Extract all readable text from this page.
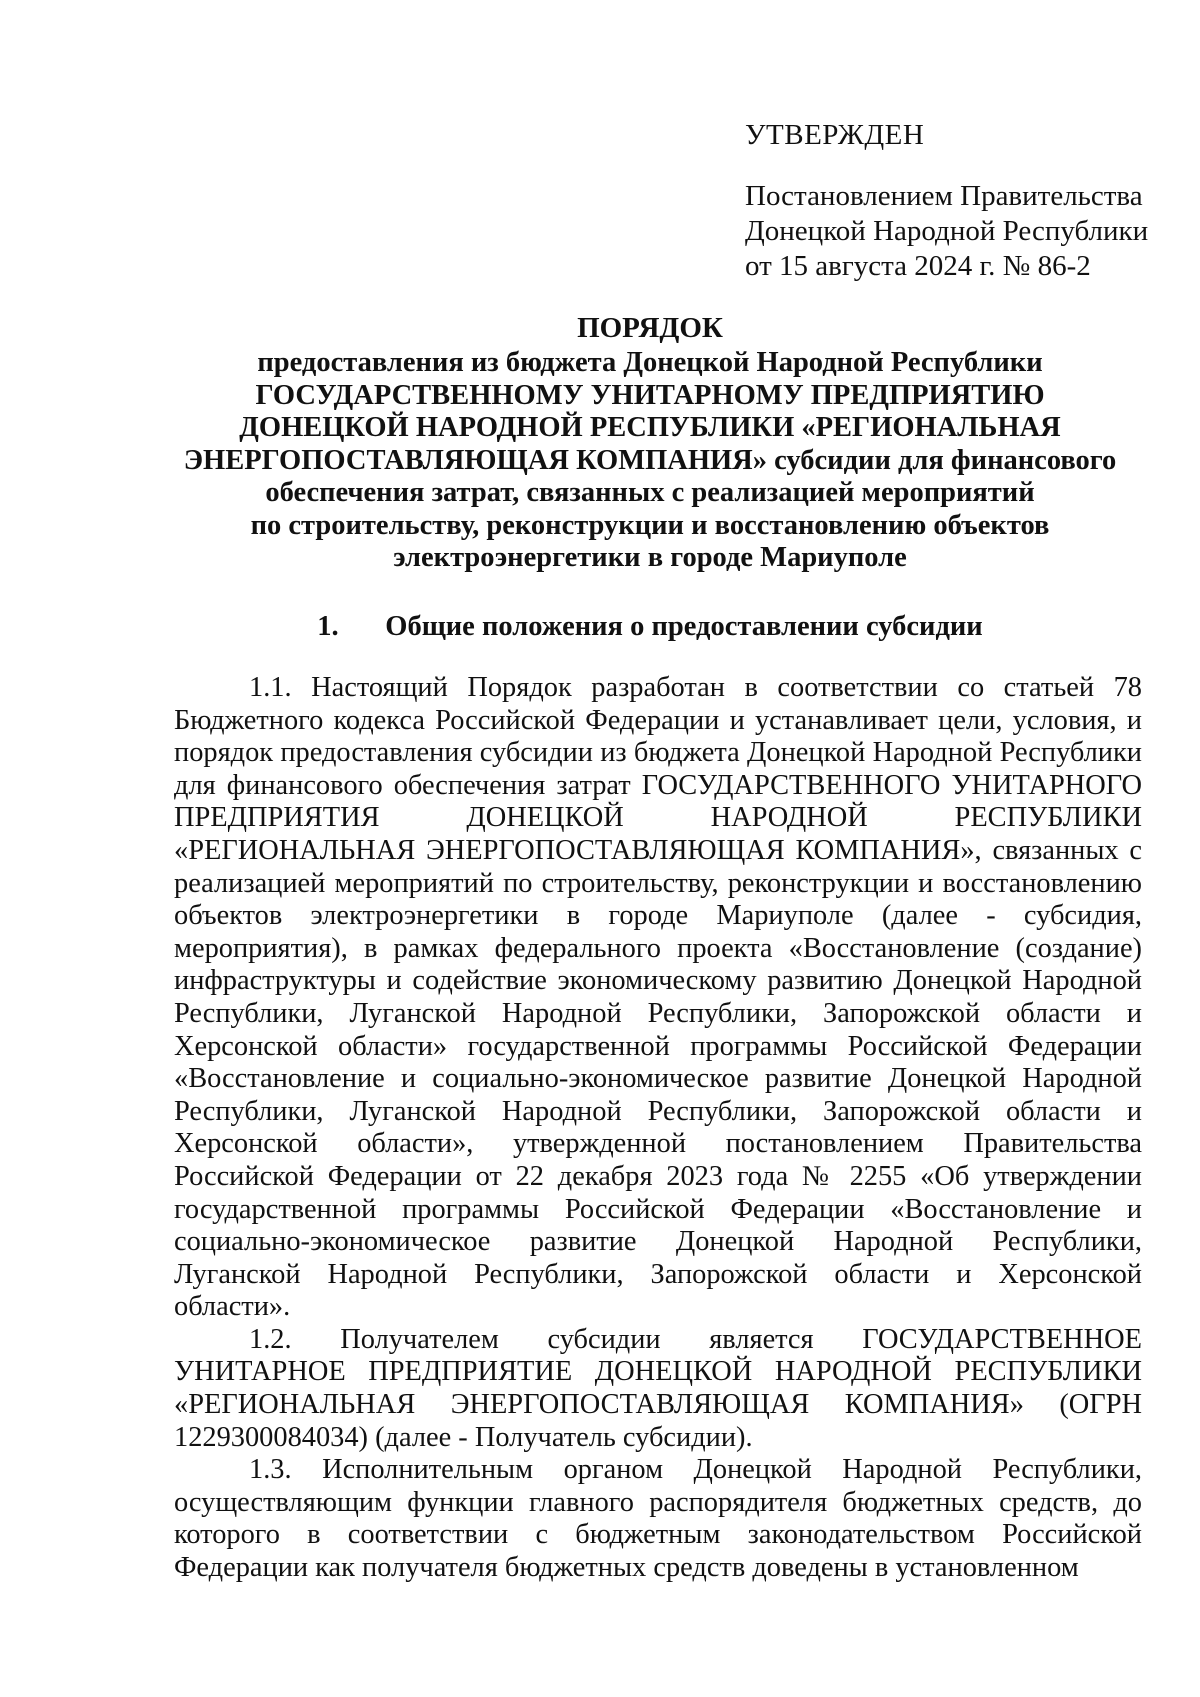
УТВЕРЖДЕН
Постановлением Правительства
Донецкой Народной Республики
от 15 августа 2024 г. № 86-2
ПОРЯДОК
предоставления из бюджета Донецкой Народной Республики
ГОСУДАРСТВЕННОМУ УНИТАРНОМУ ПРЕДПРИЯТИЮ
ДОНЕЦКОЙ НАРОДНОЙ РЕСПУБЛИКИ «РЕГИОНАЛЬНАЯ
ЭНЕРГОПОСТАВЛЯЮЩАЯ КОМПАНИЯ» субсидии для финансового
обеспечения затрат, связанных с реализацией мероприятий
по строительству, реконструкции и восстановлению объектов
электроэнергетики в городе Мариуполе
1. Общие положения о предоставлении субсидии

1.1. Настоящий Порядок разработан в соответствии со статьей 78 Бюджетного кодекса Российской Федерации и устанавливает цели, условия, и порядок предоставления субсидии из бюджета Донецкой Народной Республики для финансового обеспечения затрат ГОСУДАРСТВЕННОГО УНИТАРНОГО ПРЕДПРИЯТИЯ ДОНЕЦКОЙ НАРОДНОЙ РЕСПУБЛИКИ «РЕГИОНАЛЬНАЯ ЭНЕРГОПОСТАВЛЯЮЩАЯ КОМПАНИЯ», связанных с реализацией мероприятий по строительству, реконструкции и восстановлению объектов электроэнергетики в городе Мариуполе (далее - субсидия, мероприятия), в рамках федерального проекта «Восстановление (создание) инфраструктуры и содействие экономическому развитию Донецкой Народной Республики, Луганской Народной Республики, Запорожской области и Херсонской области» государственной программы Российской Федерации «Восстановление и социально-экономическое развитие Донецкой Народной Республики, Луганской Народной Республики, Запорожской области и Херсонской области», утвержденной постановлением Правительства Российской Федерации от 22 декабря 2023 года № 2255 «Об утверждении государственной программы Российской Федерации «Восстановление и социально-экономическое развитие Донецкой Народной Республики, Луганской Народной Республики, Запорожской области и Херсонской области».

1.2. Получателем субсидии является ГОСУДАРСТВЕННОЕ УНИТАРНОЕ ПРЕДПРИЯТИЕ ДОНЕЦКОЙ НАРОДНОЙ РЕСПУБЛИКИ «РЕГИОНАЛЬНАЯ ЭНЕРГОПОСТАВЛЯЮЩАЯ КОМПАНИЯ» (ОГРН 1229300084034) (далее - Получатель субсидии).

1.3. Исполнительным органом Донецкой Народной Республики, осуществляющим функции главного распорядителя бюджетных средств, до которого в соответствии с бюджетным законодательством Российской Федерации как получателя бюджетных средств доведены в установленном
